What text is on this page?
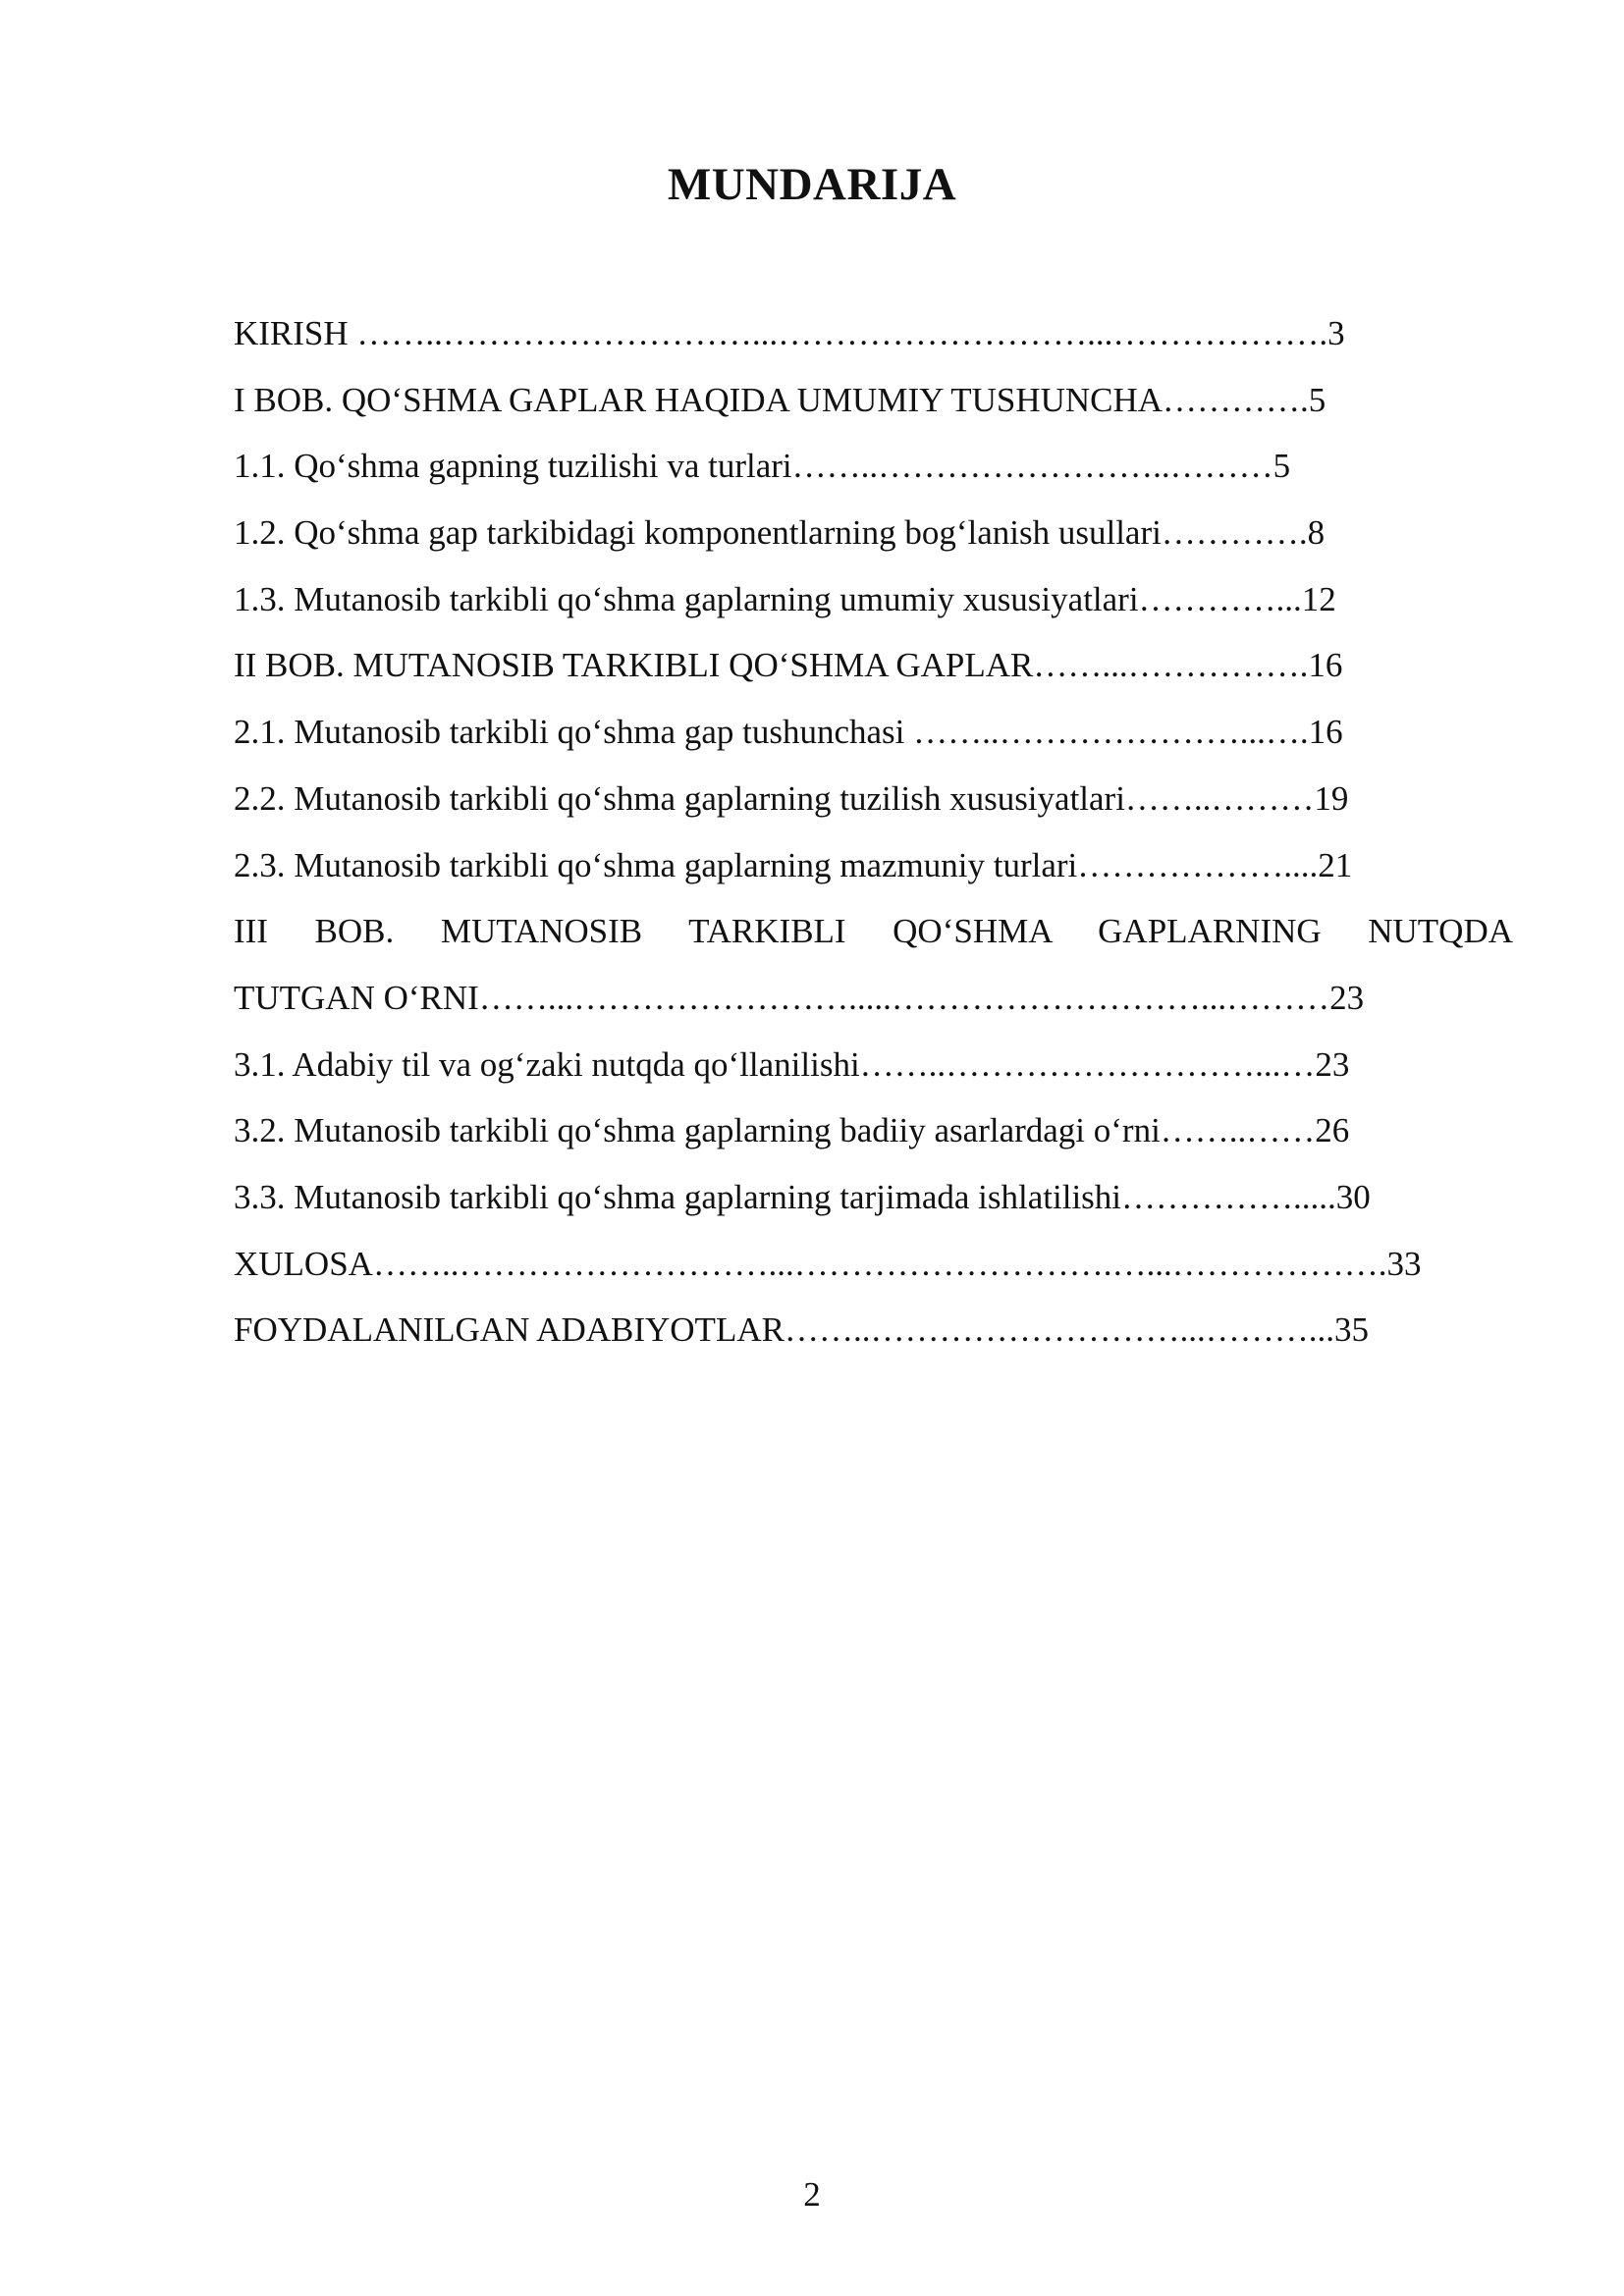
MUNDARIJA
KIRISH ……..………………………...………………………...……………….3
I BOB. QO‘SHMA GAPLAR HAQIDA UMUMIY TUSHUNCHA………….5
1.1. Qo‘shma gapning tuzilishi va turlari……..……………………..………5
1.2. Qo‘shma gap tarkibidagi komponentlarning bog‘lanish usullari………….8
1.3. Mutanosib tarkibli qo‘shma gaplarning umumiy xususiyatlari…………...12
II BOB. MUTANOSIB TARKIBLI QO‘SHMA GAPLAR……...…………….16
2.1. Mutanosib tarkibli qo‘shma gap tushunchasi ……..…………………...….16
2.2. Mutanosib tarkibli qo‘shma gaplarning tuzilish xususiyatlari……..………19
2.3. Mutanosib tarkibli qo‘shma gaplarning mazmuniy turlari………………....21
III BOB. MUTANOSIB TARKIBLI QO‘SHMA GAPLARNING NUTQDA
TUTGAN O‘RNI……...…………………….....………………………...………23
3.1. Adabiy til va og‘zaki nutqda qo‘llanilishi……..………………………...…23
3.2. Mutanosib tarkibli qo‘shma gaplarning badiiy asarlardagi o‘rni……..……26
3.3. Mutanosib tarkibli qo‘shma gaplarning tarjimada ishlatilishi…………….....30
XULOSA……..………………………...……………………….…...……………….33
FOYDALANILGAN ADABIYOTLAR……..………………………...………...35
2
